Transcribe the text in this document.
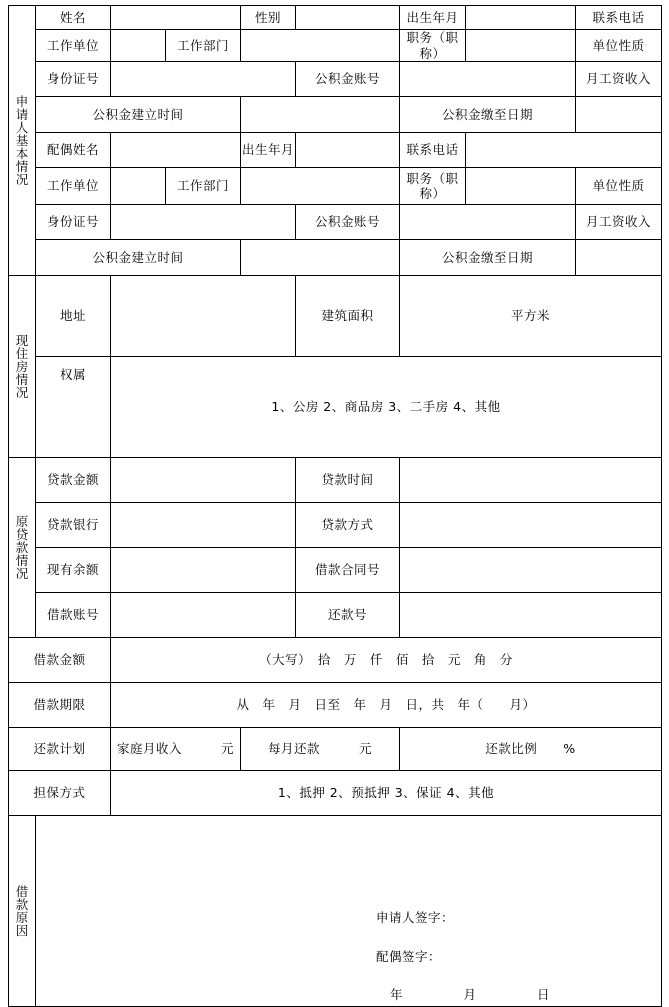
申
请
人
基
本
情
况
	姓名		性别		出生年月		联系电话
	工作单位		工作部门			职务（职称）		单位性质
	身份证号				公积金账号			月工资收入
	公积金建立时间					公积金缴至日期		
	配偶姓名			出生年月		联系电话		
	工作单位		工作部门			职务（职称）		单位性质
	身份证号				公积金账号			月工资收入
	公积金建立时间					公积金缴至日期		

现
住
房
情
况	地址				建筑面积	平方米		
	权属	1、公房 2、商品房 3、二手房 4、其他						

原
贷
款
情
况	贷款金额				贷款时间			
	贷款银行				贷款方式			
	现有余额				借款合同号			
	借款账号				还款号			
借款金额		（大写）　拾　万　仟　佰　拾　元　角　分						
借款期限		从　年　月　日至　年　月　日，共　年（　　月）						
还款计划		家庭月收入　　　元		每月还款　　　元		还款比例　　%		
担保方式		1、抵押 2、预抵押 3、保证 4、其他						

借
款
原
因

申请人签字：
配偶签字：
年　　月　　日
